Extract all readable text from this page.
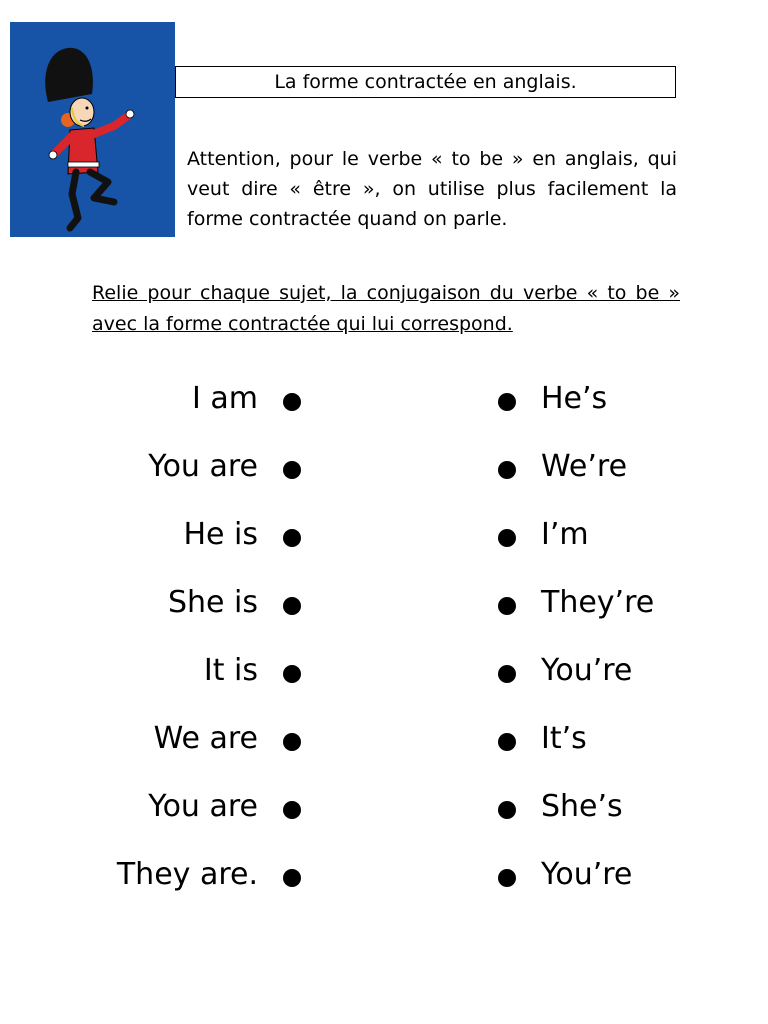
La forme contractée en anglais.

Attention, pour le verbe « to be » en anglais, qui veut dire « être », on utilise plus facilement la forme contractée quand on parle.

Relie pour chaque sujet, la conjugaison du verbe « to be » avec la forme contractée qui lui correspond.

I am	He’s
You are	We’re
He is	I’m
She is	They’re
It is	You’re
We are	It’s
You are	She’s
They are.	You’re
